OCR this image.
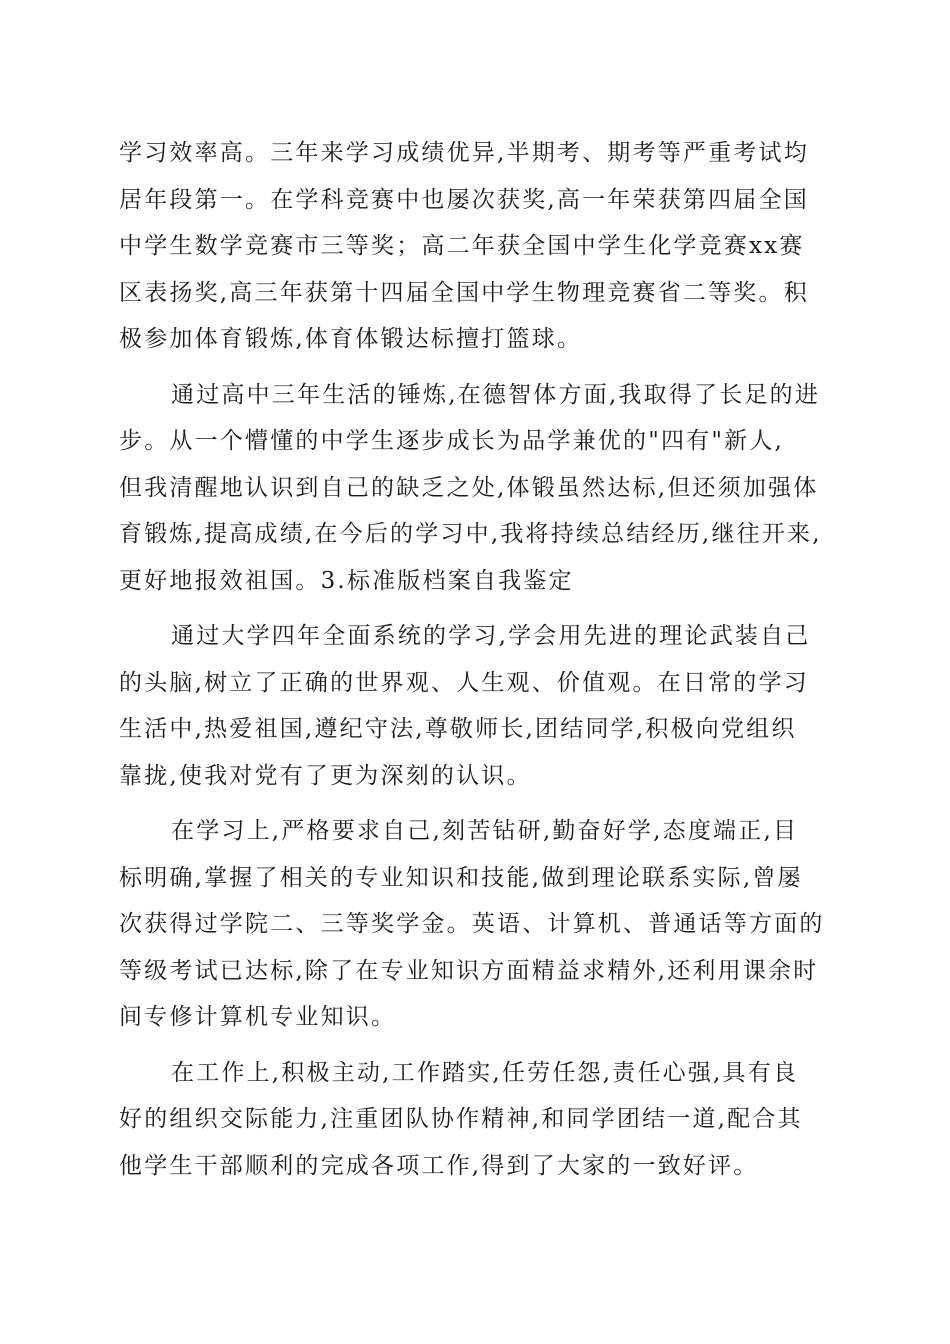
学习效率高。三年来学习成绩优异,半期考、期考等严重考试均
居年段第一。在学科竞赛中也屡次获奖,高一年荣获第四届全国
中学生数学竞赛市三等奖；高二年获全国中学生化学竞赛xx赛
区表扬奖,高三年获第十四届全国中学生物理竞赛省二等奖。积
极参加体育锻炼,体育体锻达标擅打篮球。
通过高中三年生活的锤炼,在德智体方面,我取得了长足的进
步。从一个懵懂的中学生逐步成长为品学兼优的"四有"新人,
但我清醒地认识到自己的缺乏之处,体锻虽然达标,但还须加强体
育锻炼,提高成绩,在今后的学习中,我将持续总结经历,继往开来,
更好地报效祖国。3.标准版档案自我鉴定
通过大学四年全面系统的学习,学会用先进的理论武装自己
的头脑,树立了正确的世界观、人生观、价值观。在日常的学习
生活中,热爱祖国,遵纪守法,尊敬师长,团结同学,积极向党组织
靠拢,使我对党有了更为深刻的认识。
在学习上,严格要求自己,刻苦钻研,勤奋好学,态度端正,目
标明确,掌握了相关的专业知识和技能,做到理论联系实际,曾屡
次获得过学院二、三等奖学金。英语、计算机、普通话等方面的
等级考试已达标,除了在专业知识方面精益求精外,还利用课余时
间专修计算机专业知识。
在工作上,积极主动,工作踏实,任劳任怨,责任心强,具有良
好的组织交际能力,注重团队协作精神,和同学团结一道,配合其
他学生干部顺利的完成各项工作,得到了大家的一致好评。
